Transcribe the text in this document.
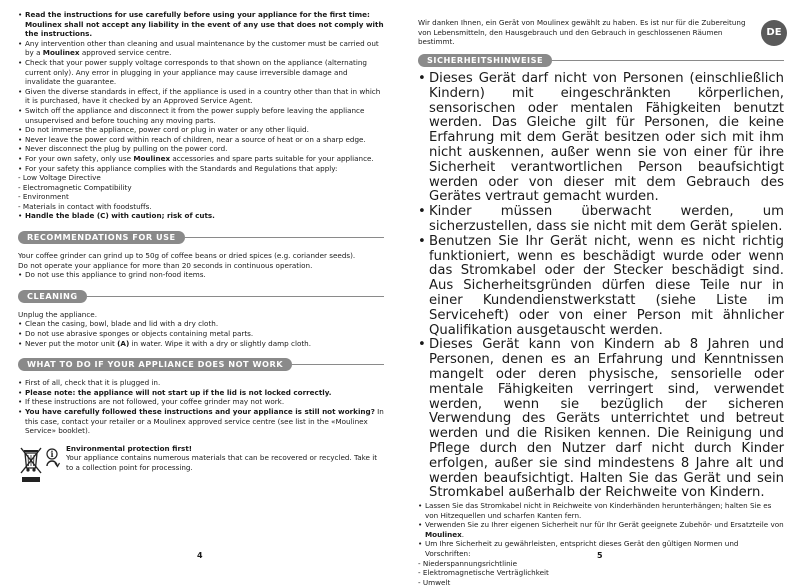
• Read the instructions for use carefully before using your appliance for the first time: Moulinex shall not accept any liability in the event of any use that does not comply with the instructions.

• Any intervention other than cleaning and usual maintenance by the customer must be carried out by a Moulinex approved service centre.

• Check that your power supply voltage corresponds to that shown on the appliance (alternating current only). Any error in plugging in your appliance may cause irreversible damage and invalidate the guarantee.

• Given the diverse standards in effect, if the appliance is used in a country other than that in which it is purchased, have it checked by an Approved Service Agent.

• Switch off the appliance and disconnect it from the power supply before leaving the appliance unsupervised and before touching any moving parts.

• Do not immerse the appliance, power cord or plug in water or any other liquid.

• Never leave the power cord within reach of children, near a source of heat or on a sharp edge.

• Never disconnect the plug by pulling on the power cord.

• For your own safety, only use Moulinex accessories and spare parts suitable for your appliance.

• For your safety this appliance complies with the Standards and Regulations that apply:

- Low Voltage Directive

- Electromagnetic Compatibility

- Environment

- Materials in contact with foodstuffs.

• Handle the blade (C) with caution; risk of cuts.

RECOMMENDATIONS FOR USE

Your coffee grinder can grind up to 50g of coffee beans or dried spices (e.g. coriander seeds).

Do not operate your appliance for more than 20 seconds in continuous operation.

• Do not use this appliance to grind non-food items.

CLEANING

Unplug the appliance.

• Clean the casing, bowl, blade and lid with a dry cloth.

• Do not use abrasive sponges or objects containing metal parts.

• Never put the motor unit (A) in water. Wipe it with a dry or slightly damp cloth.

WHAT TO DO IF YOUR APPLIANCE DOES NOT WORK

• First of all, check that it is plugged in.

• Please note: the appliance will not start up if the lid is not locked correctly.

• If these instructions are not followed, your coffee grinder may not work.

• You have carefully followed these instructions and your appliance is still not working? In this case, contact your retailer or a Moulinex approved service centre (see list in the «Moulinex Service» booklet).

i

Environmental protection first!

Your appliance contains numerous materials that can be recovered or recycled. Take it to a collection point for processing.

4
DE

Wir danken Ihnen, ein Gerät von Moulinex gewählt zu haben. Es ist nur für die Zubereitung von Lebensmitteln, den Hausgebrauch und den Gebrauch in geschlossenen Räumen bestimmt.

SICHERHEITSHINWEISE

• Dieses Gerät darf nicht von Personen (einschließlich Kindern) mit eingeschränkten körperlichen, sensorischen oder mentalen Fähigkeiten benutzt werden. Das Gleiche gilt für Personen, die keine Erfahrung mit dem Gerät besitzen oder sich mit ihm nicht auskennen, außer wenn sie von einer für ihre Sicherheit verantwortlichen Person beaufsichtigt werden oder von dieser mit dem Gebrauch des Gerätes vertraut gemacht wurden.

• Kinder müssen überwacht werden, um sicherzustellen, dass sie nicht mit dem Gerät spielen.

• Benutzen Sie Ihr Gerät nicht, wenn es nicht richtig funktioniert, wenn es beschädigt wurde oder wenn das Stromkabel oder der Stecker beschädigt sind. Aus Sicherheitsgründen dürfen diese Teile nur in einer Kundendienstwerkstatt (siehe Liste im Serviceheft) oder von einer Person mit ähnlicher Qualifikation ausgetauscht werden.

• Dieses Gerät kann von Kindern ab 8 Jahren und Personen, denen es an Erfahrung und Kenntnissen mangelt oder deren physische, sensorielle oder mentale Fähigkeiten verringert sind, verwendet werden, wenn sie bezüglich der sicheren Verwendung des Geräts unterrichtet und betreut werden und die Risiken kennen. Die Reinigung und Pflege durch den Nutzer darf nicht durch Kinder erfolgen, außer sie sind mindestens 8 Jahre alt und werden beaufsichtigt. Halten Sie das Gerät und sein Stromkabel außerhalb der Reichweite von Kindern.

• Lassen Sie das Stromkabel nicht in Reichweite von Kinderhänden herunterhängen; halten Sie es von Hitzequellen und scharfen Kanten fern.

• Verwenden Sie zu Ihrer eigenen Sicherheit nur für Ihr Gerät geeignete Zubehör- und Ersatzteile von Moulinex.

• Um Ihre Sicherheit zu gewährleisten, entspricht dieses Gerät den gültigen Normen und Vorschriften:

- Niederspannungsrichtlinie

- Elektromagnetische Verträglichkeit

- Umwelt

5
